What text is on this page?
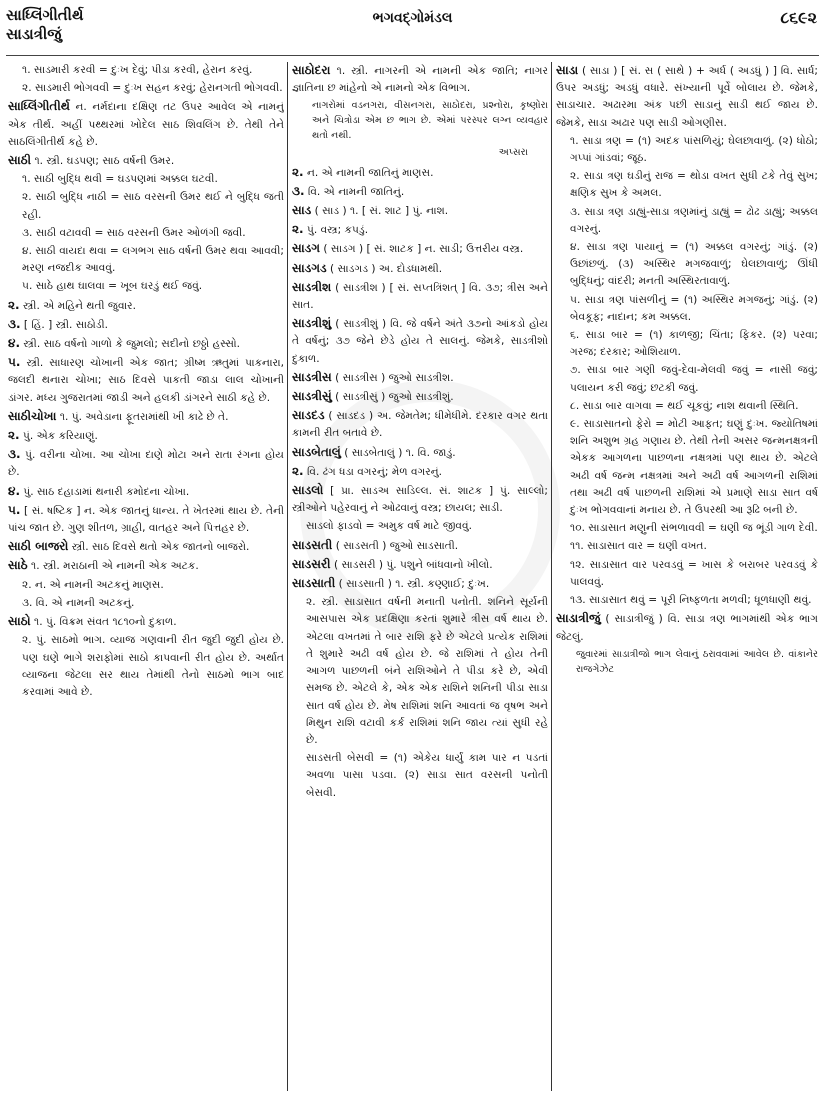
સાધ્લિંગીતીર્થ
સાડાત્રીજું
ભગવદ્ગોમંડલ	૮૬૯૨

૧. સાડમારી કરવી = દુઃખ દેવું; પીડા કરવી, હેરાન કરવું.

૨. સાડમારી ભોગવવી = દુઃખ સહન કરવું; હેરાનગતી ભોગવવી.

સાધ્લિંગીતીર્થ ન. નર્મદાના દક્ષિણ તટ ઉપર આવેલ એ નામનું એક તીર્થ. અહીં પથ્થરમાં ખોદેલ સાઠ શિવલિંગ છે. તેથી તેને સાઠલિંગીતીર્થ કહે છે.

સાઠી ૧. સ્ત્રી. ઘડપણ; સાઠ વર્ષની ઉમર.

૧. સાઠી બુદ્ધિ થવી = ઘડપણમાં અક્કલ ઘટવી.

૨. સાઠી બુદ્ધિ નાઠી = સાઠ વરસની ઉમર થઈ ને બુદ્ધિ જતી રહી.

૩. સાઠી વટાવવી = સાઠ વરસની ઉમર ઓળંગી જવી.

૪. સાઠી વાયદા થવા = લગભગ સાઠ વર્ષની ઉમર થવા આવવી; મરણ નજદીક આવવું.

૫. સાઠે હાથ ઘાલવા = ખૂબ ઘરડું થઈ જવું.

૨. સ્ત્રી. એ મહિને થતી જુવાર.

૩. [ હિં. ] સ્ત્રી. સાઠોડી.

૪. સ્ત્રી. સાઠ વર્ષનો ગાળો કે જુમલો; સદીનો છઠ્ઠો હસ્સો.

૫. સ્ત્રી. સાધારણ ચોખાની એક જાત; ગ્રીષ્મ ઋતુમાં પાકનારા, જલદી થનારા ચોખા; સાઠ દિવસે પાકતી જાડા લાલ ચોખાની ડાંગર. મધ્ય ગુજરાતમાં જાડી અને હલકી ડાંગરને સાઠી કહે છે.

સાઠીચોખા ૧. પું. અવેડાના ફૂતરામાંથી ખી કાઢે છે તે.

૨. પું. એક કરિયાણું.

૩. પું. વરીના ચોખા. આ ચોખા દાણે મોટા અને રાતા રંગના હોય છે.

૪. પું. સાઠ દહાડામાં થનારી કમોદના ચોખા.

૫. [ સં. ષષ્ટિક ] ન. એક જાતનું ધાન્ય. તે ખેતરમાં થાય છે. તેની પાંચ જાત છે. ગુણ શીતળ, ગ્રાહી, વાતહર અને પિત્તહર છે.

સાઠી બાજરો સ્ત્રી. સાઠ દિવસે થતો એક જાતનો બાજરો.

સાઠે ૧. સ્ત્રી. મરાઠાની એ નામની એક અટક.

૨. ન. એ નામની અટકનું માણસ.

૩. વિ. એ નામની અટકનું.

સાઠો ૧. પું. વિક્રમ સંવત ૧૮૧૦નો દુકાળ.

૨. પું. સાઠમો ભાગ. વ્યાજ ગણવાની રીત જુદી જુદી હોય છે. પણ ઘણે ભાગે શરાફોમાં સાઠો કાપવાની રીત હોય છે. અર્થાત વ્યાજના જેટલા સર થાય તેમાંથી તેનો સાઠમો ભાગ બાદ કરવામાં આવે છે.

સાઠોદરા ૧. સ્ત્રી. નાગરની એ નામની એક જાતિ; નાગર જ્ઞાતિના છ માંહેનો એ નામનો એક વિભાગ.

નાગરોમાં વડનગરા, વીસનગરા, સાઠોદરા, પ્રશ્નોરા, કૃષ્ણોરા અને ચિત્રોડા એમ છ ભાગ છે. એમાં પરસ્પર લગ્ન વ્યવહાર થતો નથી.

અપ્સરા

૨. ન. એ નામની જાતિનું માણસ.

૩. વિ. એ નામની જાતિનું.

સાડ ( સાડ ) ૧. [ સં. શાટ ] પું. નાશ.

૨. પું. વસ્ત્ર; કપડું.

સાડગ ( સાડગ ) [ સં. શાટક ] ન. સાડી; ઉત્તરીય વસ્ત્ર.

સાડગડ ( સાડગડ ) અ. દોડધામથી.

સાડત્રીશ ( સાડત્રીશ ) [ સં. સપ્તત્રિંશત્ ] વિ. ૩૭; ત્રીસ અને સાત.

સાડત્રીશું ( સાડત્રીશું ) વિ. જે વર્ષને અંતે ૩૭નો આંકડો હોય તે વર્ષનું; ૩૭ જેને છેડે હોય તે સાલનું. જેમકે, સાડત્રીશો દુકાળ.

સાડત્રીસ ( સાડત્રીસ ) જુઓ સાડત્રીશ.

સાડત્રીસું ( સાડત્રીસું ) જુઓ સાડત્રીશું.

સાડદડ ( સાડદડ ) અ. જેમતેમ; ધીમેધીમે. દરકાર વગર થતા કામની રીત બતાવે છે.

સાડબેતાલું ( સાડબેતાલું ) ૧. વિ. જાડું.

૨. વિ. ઢંગ ધડા વગરનું; મેળ વગરનું.

સાડલો [ પ્રા. સાડઅ સાડિલ્લ. સં. શાટક ] પું. સાલ્લો; સ્ત્રીઓને પહેરવાનું ને ઓઢવાનું વસ્ત્ર; છાયલ; સાડી.

સાડલો ફાડવો = અમુક વર્ષ માટે જીવવું.

સાડસતી ( સાડસતી ) જુઓ સાડસાતી.

સાડસરી ( સાડસરી ) પું. પશુને બાંધવાનો ખીલો.

સાડસાતી ( સાડસાતી ) ૧. સ્ત્રી. કણ્ણાઈ; દુઃખ.

૨. સ્ત્રી. સાડાસાત વર્ષની મનાતી પનોતી. શનિને સૂર્યની આસપાસ એક પ્રદક્ષિણા કરતાં શુમારે ત્રીસ વર્ષ થાય છે. એટલા વખતમાં તે બાર રાશિ ફરે છે એટલે પ્રત્યેક રાશિમાં તે શુમારે અઢી વર્ષ હોય છે. જે રાશિમાં તે હોય તેની આગળ પાછળની બંને રાશિઓને તે પીડા કરે છે, એવી સમજ છે. એટલે કે, એક એક રાશિને શનિની પીડા સાડા સાત વર્ષ હોય છે. મેષ રાશિમાં શનિ આવતાં જ વૃષભ અને મિથુન રાશિ વટાવી કર્ક રાશિમાં શનિ જાય ત્યાં સુધી રહે છે.

સાડસતી બેસવી = (૧) એકેય ધાર્યું કામ પાર ન પડતાં અવળા પાસા પડવા. (૨) સાડા સાત વરસની પનોતી બેસવી.

સાડા ( સાડા ) [ સં. સ ( સાથે ) + અર્ધ ( અડધું ) ] વિ. સાર્ધ; ઉપર અડધું; અડધું વધારે. સંખ્યાની પૂર્વે બોલાય છે. જેમકે, સાડાચાર. અઢારમા અંક પછી સાડાનું સાડી થઈ જાય છે. જેમકે, સાડા અઢાર પણ સાડી ઓગણીસ.

૧. સાડા ત્રણ = (૧) અદક પાંસળિયું; ઘેલછાવાળું. (૨) ધોઠો; ગપ્પાં ગાંડવાં; જૂઠ.

૨. સાડા ત્રણ ઘડીનું રાજ = થોડા વખત સુધી ટકે તેવું સુખ; ક્ષણિક સુખ કે અમલ.

૩. સાડા ત્રણ ડાહ્યું-સાડા ત્રણમાંનું ડાહ્યું = ઢોઢ ડાહ્યું; અક્કલ વગરનું.

૪. સાડા ત્રણ પાયાનું = (૧) અક્કલ વગરનું; ગાંડું. (૨) ઉછાંછળું. (૩) અસ્થિર મગજવાળું; ઘેલછાવાળું; ઊંધી બુદ્ધિનું; વાંદરી; મનતી અસ્થિરતાવાળું.

૫. સાડા ત્રણ પાંસળીનું = (૧) અસ્થિર મગજનું; ગાંડું. (૨) બેવકૂફ; નાદાન; કમ અક્કલ.

૬. સાડા બાર = (૧) કાળજી; ચિંતા; ફિકર. (૨) પરવા; ગરજ; દરકાર; ઓશિયાળ.

૭. સાડા બાર ગણી જવું-દેવા-મેલવી જવું = નાસી જવું; પલાયન કરી જવું; છટકી જવું.

૮. સાડા બાર વાગવા = થઈ ચૂકવું; નાશ થવાની સ્થિતિ.

૯. સાડાસાતનો ફેરો = મોટી આફત; ઘણું દુઃખ. જ્યોતિષમાં શનિ અશુભ ગ્રહ ગણાય છે. તેથી તેની અસર જન્મનક્ષત્રની એકક આગળના પાછળના નક્ષત્રમાં પણ થાય છે. એટલે અઢી વર્ષ જન્મ નક્ષત્રમાં અને અઢી વર્ષ આગળની રાશિમાં તથા અઢી વર્ષ પાછળની રાશિમાં એ પ્રમાણે સાડા સાત વર્ષ દુઃખ ભોગવવાનાં મનાય છે. તે ઉપરથી આ રૂઢિ બની છે.

૧૦. સાડાસાત મણુની સંભળાવવી = ઘણી જ ભૂંડી ગાળ દેવી.

૧૧. સાડાસાત વાર = ઘણી વખત.

૧૨. સાડાસાત વાર પરવડવું = ખાસ કે બરાબર પરવડવું કે પાલવવું.

૧૩. સાડાસાત થવું = પૂરી નિષ્ફળતા મળવી; ધૂળધાણી થવું.

સાડાત્રીજું ( સાડાત્રીજું ) વિ. સાડા ત્રણ ભાગમાંથી એક ભાગ જેટલું.

જુવારમાં સાડાત્રીજો ભાગ લેવાનું ઠરાવવામાં આવેલ છે. વાંકાનેર રાજગેઝેટ
